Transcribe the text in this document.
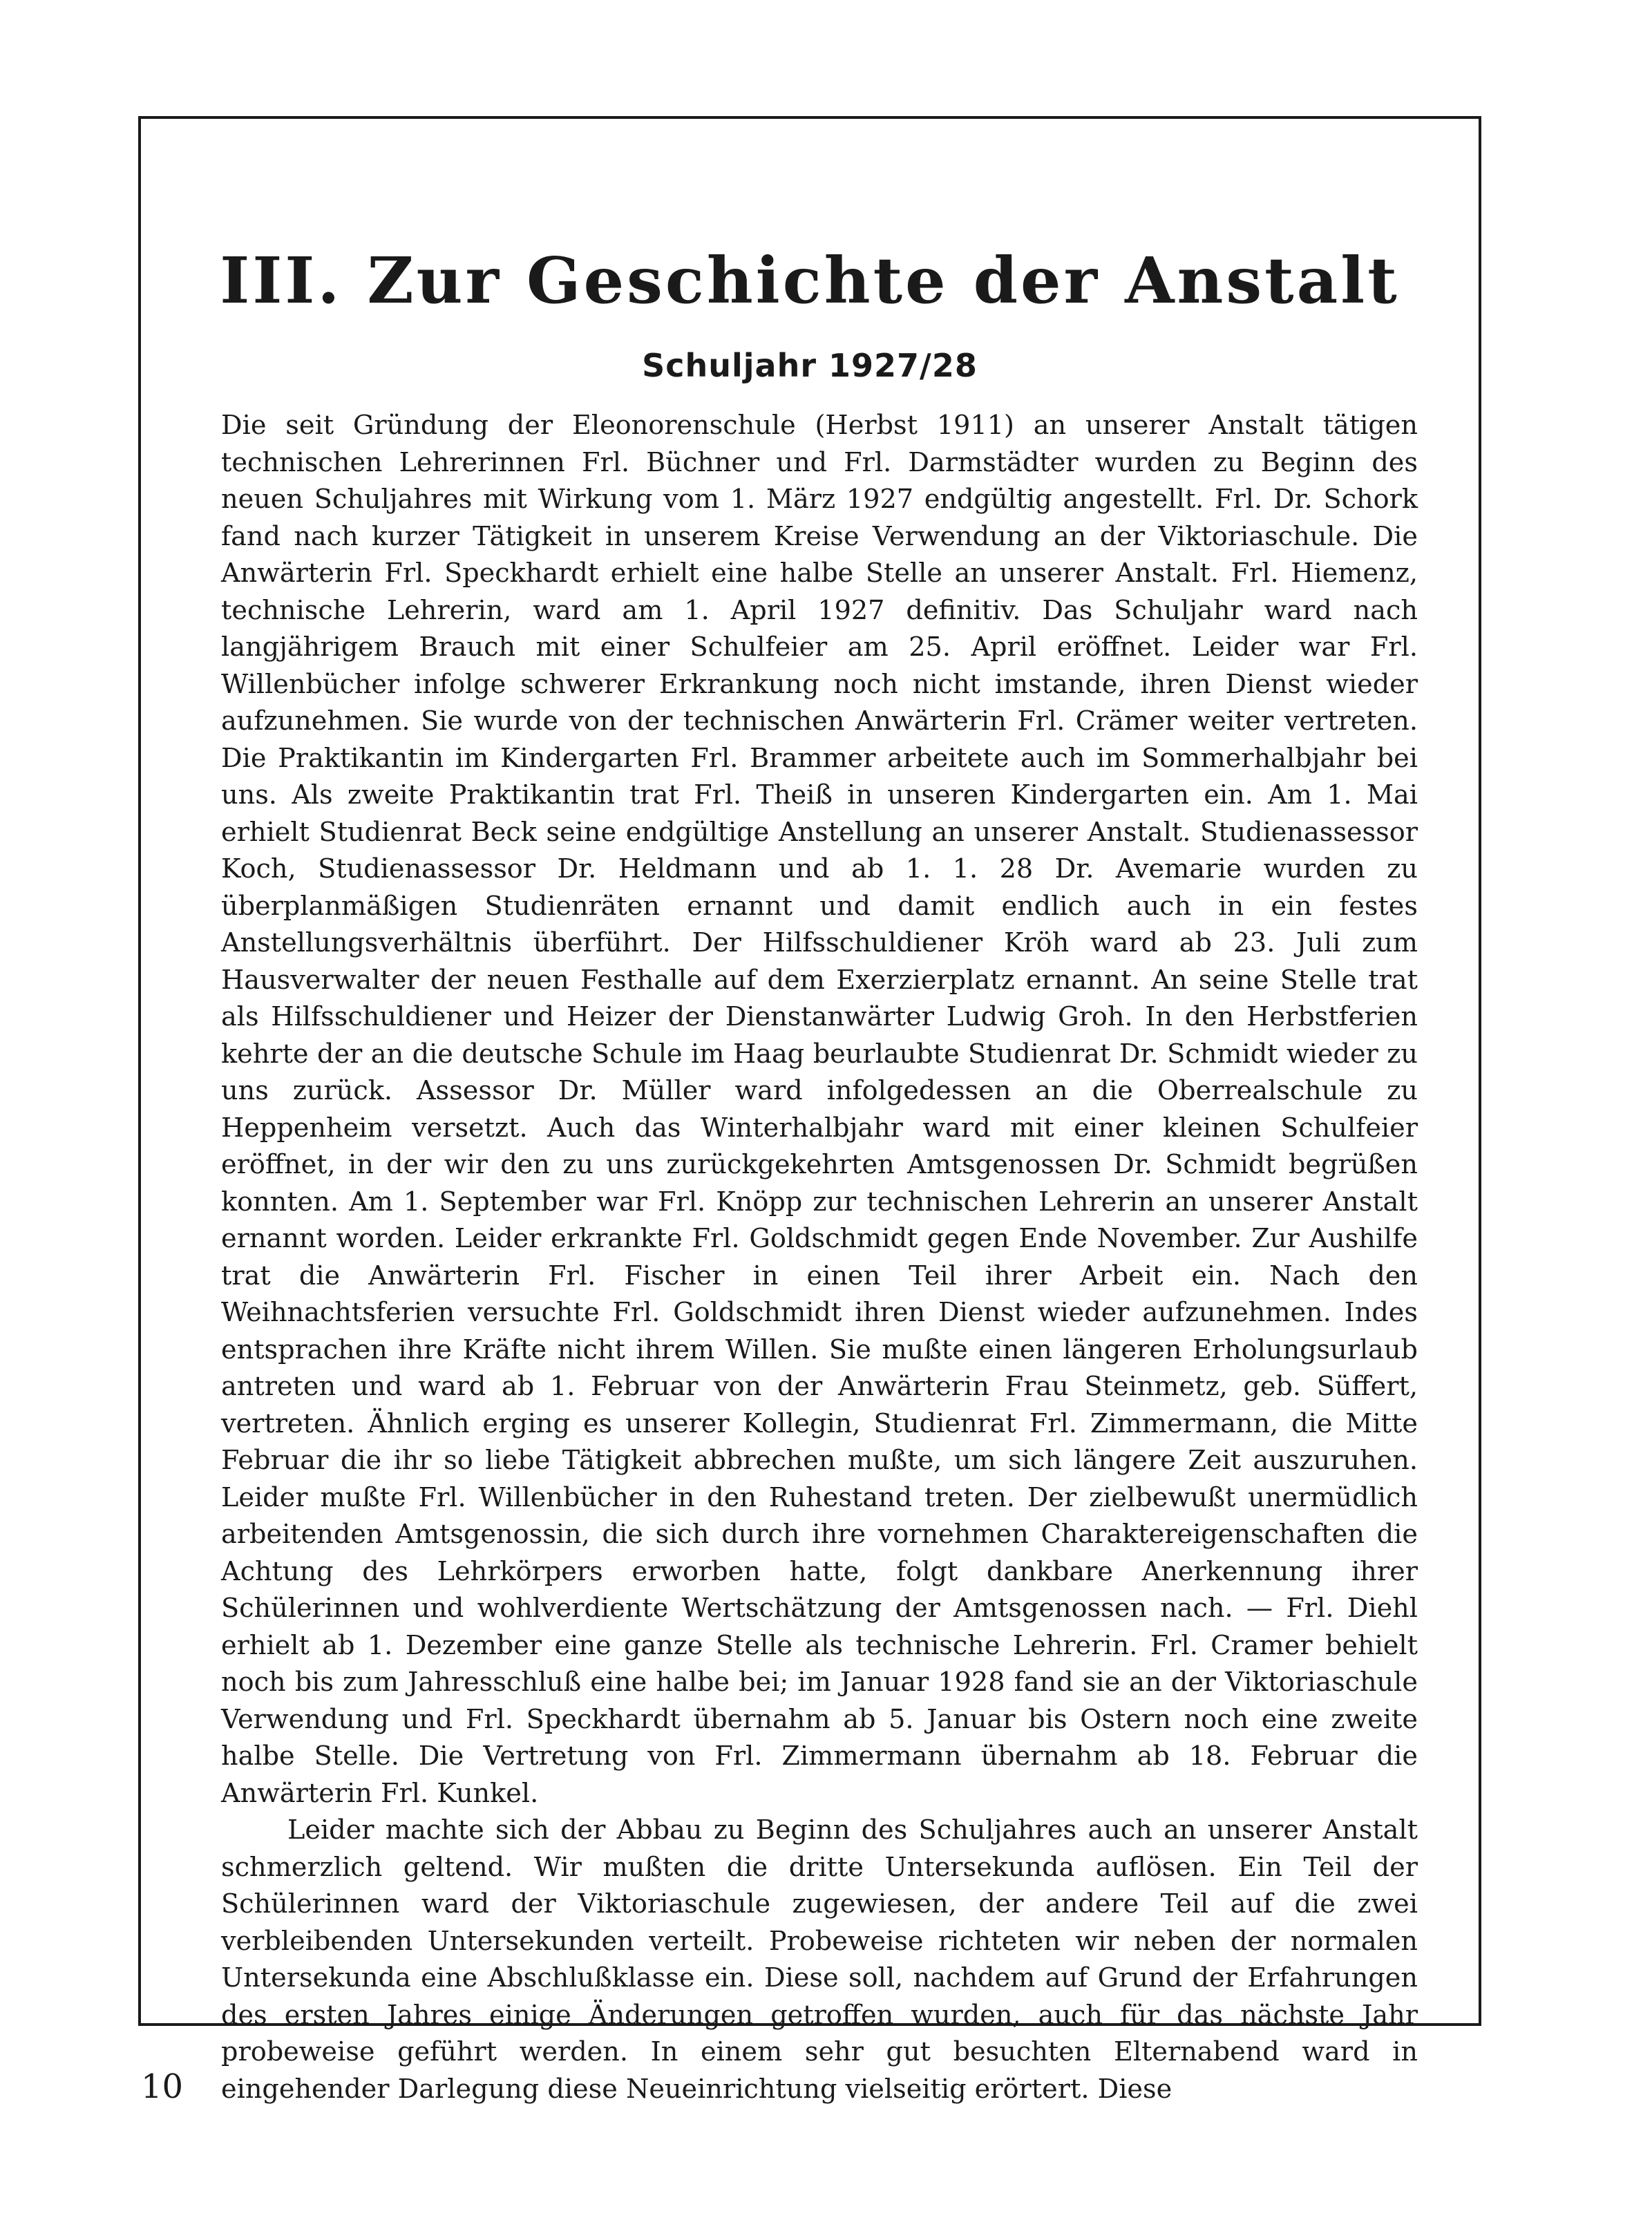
III. Zur Geschichte der Anstalt
Schuljahr 1927/28

Die seit Gründung der Eleonorenschule (Herbst 1911) an unserer Anstalt tätigen technischen Lehrerinnen Frl. Büchner und Frl. Darmstädter wurden zu Beginn des neuen Schuljahres mit Wirkung vom 1. März 1927 endgültig angestellt. Frl. Dr. Schork fand nach kurzer Tätigkeit in unserem Kreise Verwendung an der Viktoriaschule. Die Anwärterin Frl. Speckhardt erhielt eine halbe Stelle an unserer Anstalt. Frl. Hiemenz, technische Lehrerin, ward am 1. April 1927 definitiv. Das Schuljahr ward nach langjährigem Brauch mit einer Schulfeier am 25. April eröffnet. Leider war Frl. Willenbücher infolge schwerer Erkrankung noch nicht imstande, ihren Dienst wieder aufzunehmen. Sie wurde von der technischen Anwärterin Frl. Crämer weiter vertreten. Die Praktikantin im Kindergarten Frl. Brammer arbeitete auch im Sommerhalbjahr bei uns. Als zweite Praktikantin trat Frl. Theiß in unseren Kindergarten ein. Am 1. Mai erhielt Studienrat Beck seine endgültige Anstellung an unserer Anstalt. Studienassessor Koch, Studienassessor Dr. Heldmann und ab 1. 1. 28 Dr. Avemarie wurden zu überplanmäßigen Studienräten ernannt und damit endlich auch in ein festes Anstellungsverhältnis überführt. Der Hilfsschuldiener Kröh ward ab 23. Juli zum Hausverwalter der neuen Festhalle auf dem Exerzierplatz ernannt. An seine Stelle trat als Hilfsschuldiener und Heizer der Dienstanwärter Ludwig Groh. In den Herbstferien kehrte der an die deutsche Schule im Haag beurlaubte Studienrat Dr. Schmidt wieder zu uns zurück. Assessor Dr. Müller ward infolgedessen an die Oberrealschule zu Heppenheim versetzt. Auch das Winterhalbjahr ward mit einer kleinen Schulfeier eröffnet, in der wir den zu uns zurückgekehrten Amtsgenossen Dr. Schmidt begrüßen konnten. Am 1. September war Frl. Knöpp zur technischen Lehrerin an unserer Anstalt ernannt worden. Leider erkrankte Frl. Goldschmidt gegen Ende November. Zur Aushilfe trat die Anwärterin Frl. Fischer in einen Teil ihrer Arbeit ein. Nach den Weihnachtsferien versuchte Frl. Goldschmidt ihren Dienst wieder aufzunehmen. Indes entsprachen ihre Kräfte nicht ihrem Willen. Sie mußte einen längeren Erholungsurlaub antreten und ward ab 1. Februar von der Anwärterin Frau Steinmetz, geb. Süffert, vertreten. Ähnlich erging es unserer Kollegin, Studienrat Frl. Zimmermann, die Mitte Februar die ihr so liebe Tätigkeit abbrechen mußte, um sich längere Zeit auszuruhen. Leider mußte Frl. Willenbücher in den Ruhestand treten. Der zielbewußt unermüdlich arbeitenden Amtsgenossin, die sich durch ihre vornehmen Charaktereigenschaften die Achtung des Lehrkörpers erworben hatte, folgt dankbare Anerkennung ihrer Schülerinnen und wohlverdiente Wertschätzung der Amtsgenossen nach. — Frl. Diehl erhielt ab 1. Dezember eine ganze Stelle als technische Lehrerin. Frl. Cramer behielt noch bis zum Jahresschluß eine halbe bei; im Januar 1928 fand sie an der Viktoriaschule Verwendung und Frl. Speckhardt übernahm ab 5. Januar bis Ostern noch eine zweite halbe Stelle. Die Vertretung von Frl. Zimmermann übernahm ab 18. Februar die Anwärterin Frl. Kunkel.

Leider machte sich der Abbau zu Beginn des Schuljahres auch an unserer Anstalt schmerzlich geltend. Wir mußten die dritte Untersekunda auflösen. Ein Teil der Schülerinnen ward der Viktoriaschule zugewiesen, der andere Teil auf die zwei verbleibenden Untersekunden verteilt. Probeweise richteten wir neben der normalen Untersekunda eine Abschlußklasse ein. Diese soll, nachdem auf Grund der Erfahrungen des ersten Jahres einige Änderungen getroffen wurden, auch für das nächste Jahr probeweise geführt werden. In einem sehr gut besuchten Elternabend ward in eingehender Darlegung diese Neueinrichtung vielseitig erörtert. Diese

10
